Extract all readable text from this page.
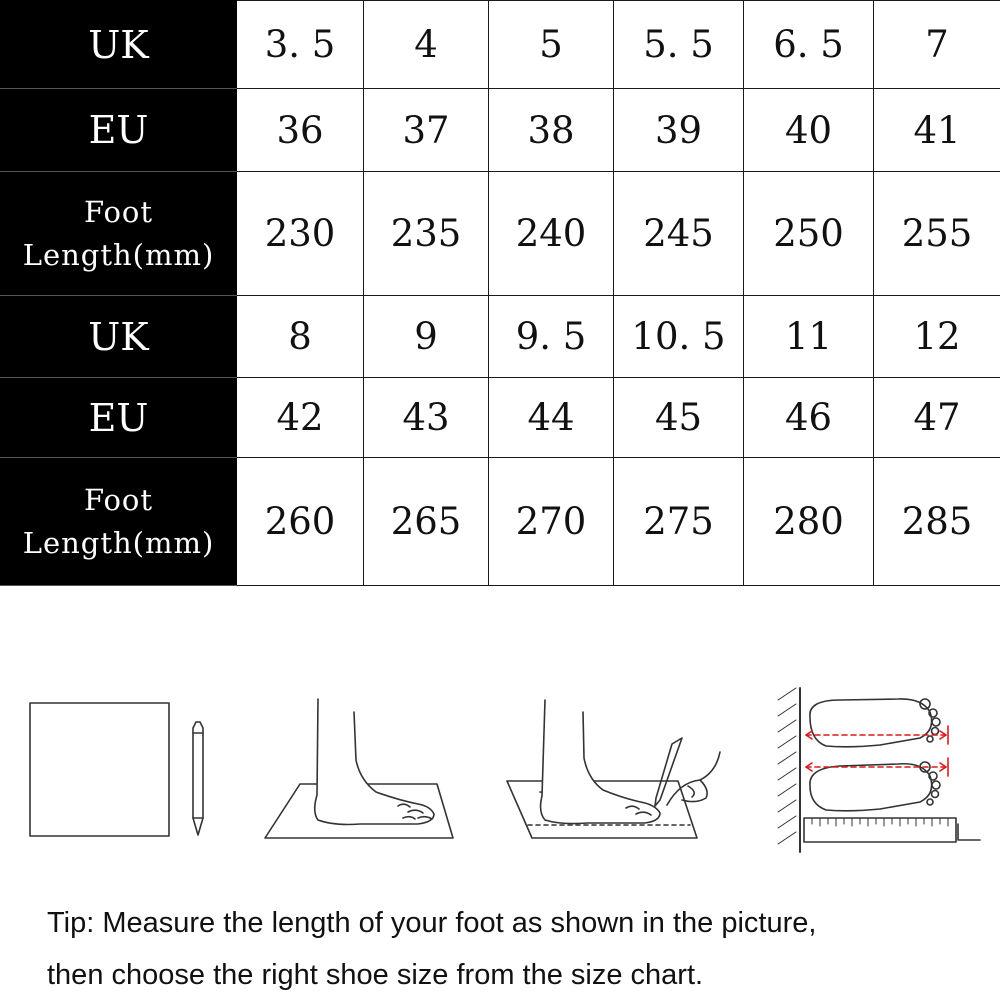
UK	3. 5	4	5	5. 5	6. 5	7

EU	36	37	38	39	40	41

Foot
Length(mm)	230	235	240	245	250	255

UK	8	9	9. 5	10. 5	11	12

EU	42	43	44	45	46	47

Foot
Length(mm)	260	265	270	275	280	285
Tip: Measure the length of your foot as shown in the picture,
then choose the right shoe size from the size chart.
